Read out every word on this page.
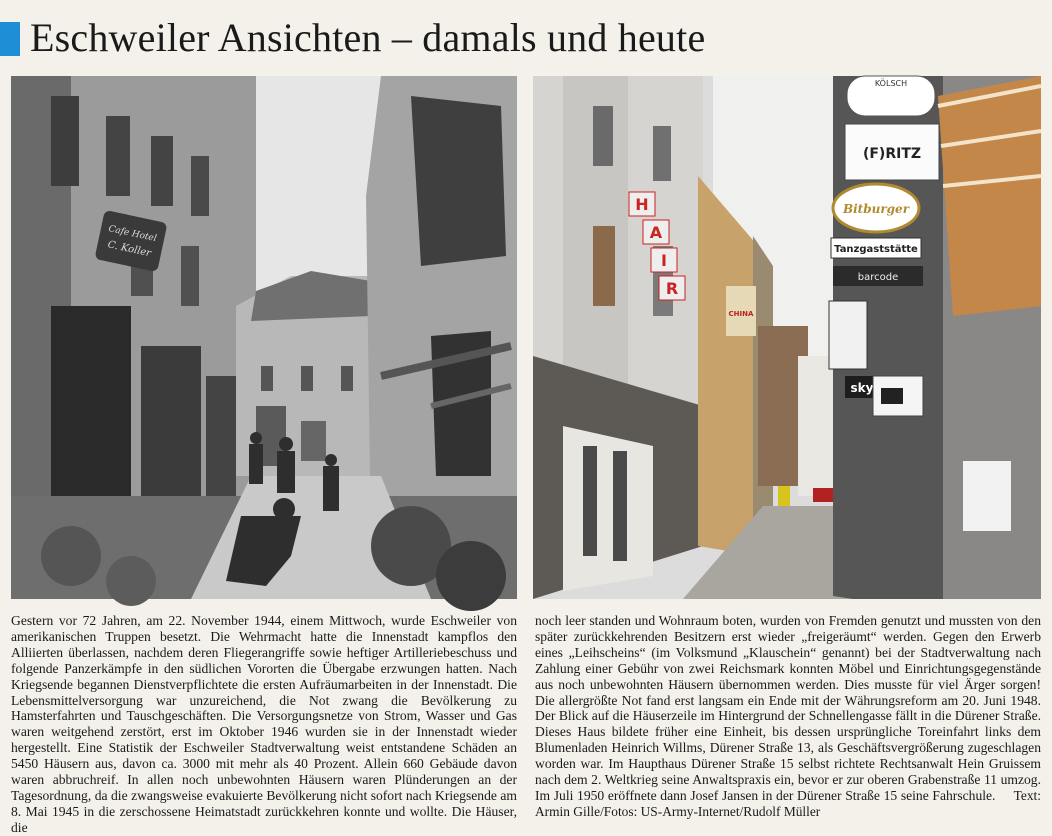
Eschweiler Ansichten – damals und heute
Cafe Hotel
C. Koller
H
A
I
R
CHINA
KÖLSCH
(F)RITZ
Bitburger
Tanzgaststätte
barcode
sky

Gestern vor 72 Jahren, am 22. November 1944, einem Mittwoch, wurde Eschweiler von amerikanischen Truppen besetzt. Die Wehrmacht hatte die Innenstadt kampflos den Alliierten überlassen, nachdem deren Fliegerangriffe sowie heftiger Artilleriebeschuss und folgende Panzerkämpfe in den südlichen Vororten die Übergabe erzwungen hatten. Nach Kriegsende begannen Dienstverpflichtete die ersten Aufräumarbeiten in der Innenstadt. Die Lebensmittelversorgung war unzureichend, die Not zwang die Bevölkerung zu Hamsterfahrten und Tauschgeschäften. Die Versorgungsnetze von Strom, Wasser und Gas waren weitgehend zerstört, erst im Oktober 1946 wurden sie in der Innenstadt wieder hergestellt. Eine Statistik der Eschweiler Stadtverwaltung weist entstandene Schäden an 5450 Häusern aus, davon ca. 3000 mit mehr als 40 Prozent. Allein 660 Gebäude davon waren abbruchreif. In allen noch unbewohnten Häusern waren Plünderungen an der Tagesordnung, da die zwangsweise evakuierte Bevölkerung nicht sofort nach Kriegsende am 8. Mai 1945 in die zerschossene Heimatstadt zurückkehren konnte und wollte. Die Häuser, die

noch leer standen und Wohnraum boten, wurden von Fremden genutzt und mussten von den später zurückkehrenden Besitzern erst wieder „freigeräumt“ werden. Gegen den Erwerb eines „Leihscheins“ (im Volksmund „Klauschein“ genannt) bei der Stadtverwaltung nach Zahlung einer Gebühr von zwei Reichsmark konnten Möbel und Einrichtungsgegenstände aus noch unbewohnten Häusern übernommen werden. Dies musste für viel Ärger sorgen! Die allergrößte Not fand erst langsam ein Ende mit der Währungsreform am 20. Juni 1948. Der Blick auf die Häuserzeile im Hintergrund der Schnellengasse fällt in die Dürener Straße. Dieses Haus bildete früher eine Einheit, bis dessen ursprüngliche Toreinfahrt links dem Blumenladen Heinrich Willms, Dürener Straße 13, als Geschäftsvergrößerung zugeschlagen worden war. Im Haupthaus Dürener Straße 15 selbst richtete Rechtsanwalt Hein Gruissem nach dem 2. Weltkrieg seine Anwaltspraxis ein, bevor er zur oberen Grabenstraße 11 umzog. Im Juli 1950 eröffnete dann Josef Jansen in der Dürener Straße 15 seine Fahrschule. Text: Armin Gille/Fotos: US-Army-Internet/Rudolf Müller
